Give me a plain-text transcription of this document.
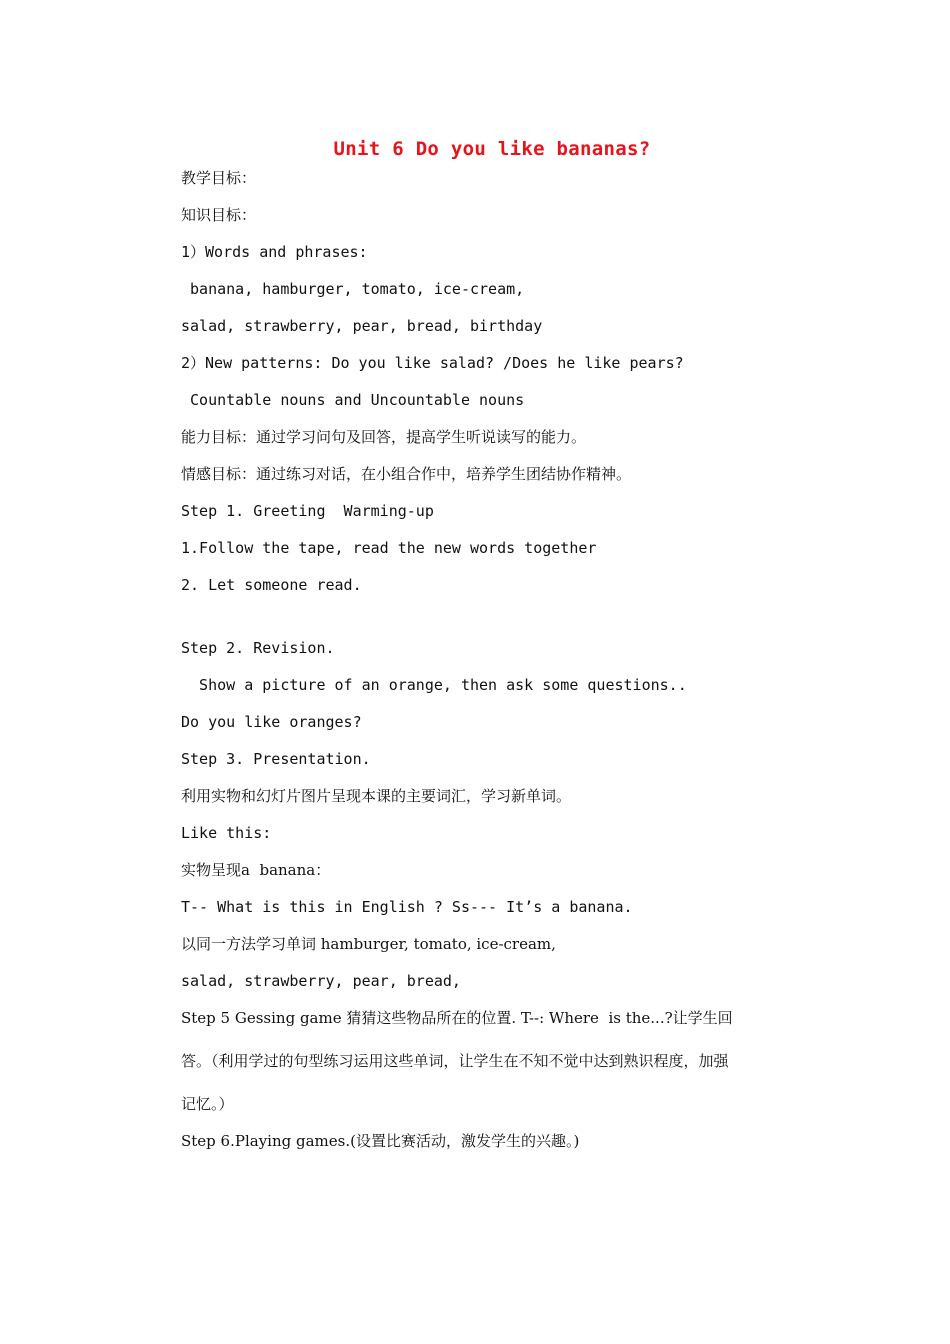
Unit 6 Do you like bananas?
教学目标：
知识目标：
1）Words and phrases:
banana, hamburger, tomato, ice-cream,
salad, strawberry, pear, bread, birthday
2）New patterns: Do you like salad? /Does he like pears?
Countable nouns and Uncountable nouns
能力目标：通过学习问句及回答，提高学生听说读写的能力。
情感目标：通过练习对话，在小组合作中，培养学生团结协作精神。
Step 1. Greeting  Warming-up
1.Follow the tape, read the new words together
2. Let someone read.
Step 2. Revision.
Show a picture of an orange, then ask some questions..
Do you like oranges?
Step 3. Presentation.
利用实物和幻灯片图片呈现本课的主要词汇，学习新单词。
Like this:
实物呈现a  banana：
T-- What is this in English ? Ss--- It’s a banana.
以同一方法学习单词 hamburger, tomato, ice-cream,
salad, strawberry, pear, bread,
Step 5 Gessing game 猜猜这些物品所在的位置. T--: Where  is the...?让学生回
答。（利用学过的句型练习运用这些单词，让学生在不知不觉中达到熟识程度，加强
记忆。）
Step 6.Playing games.(设置比赛活动，激发学生的兴趣。)
